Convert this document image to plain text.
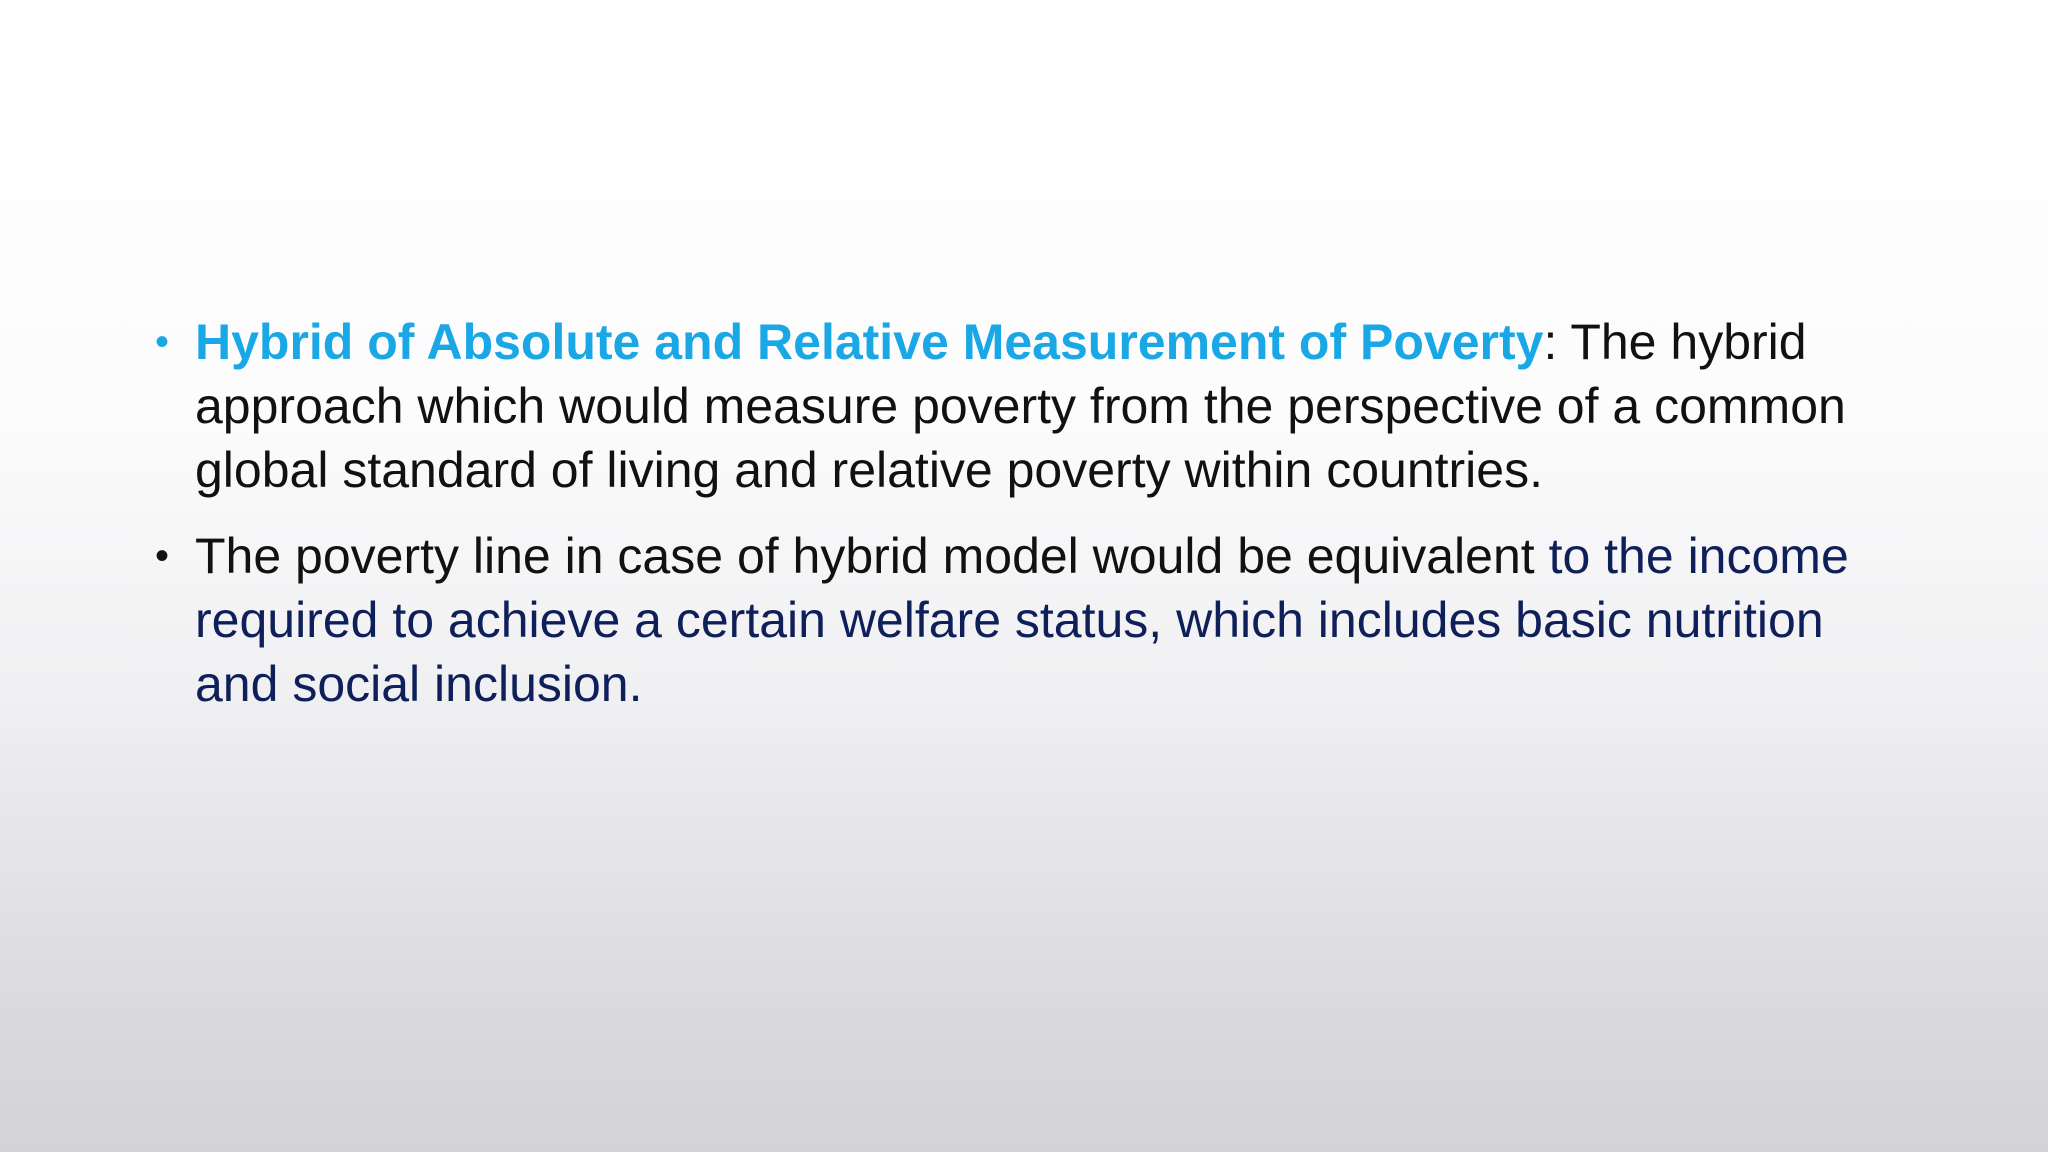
• Hybrid of Absolute and Relative Measurement of Poverty: The hybrid approach which would measure poverty from the perspective of a common global standard of living and relative poverty within countries.
• The poverty line in case of hybrid model would be equivalent to the income required to achieve a certain welfare status, which includes basic nutrition and social inclusion.
